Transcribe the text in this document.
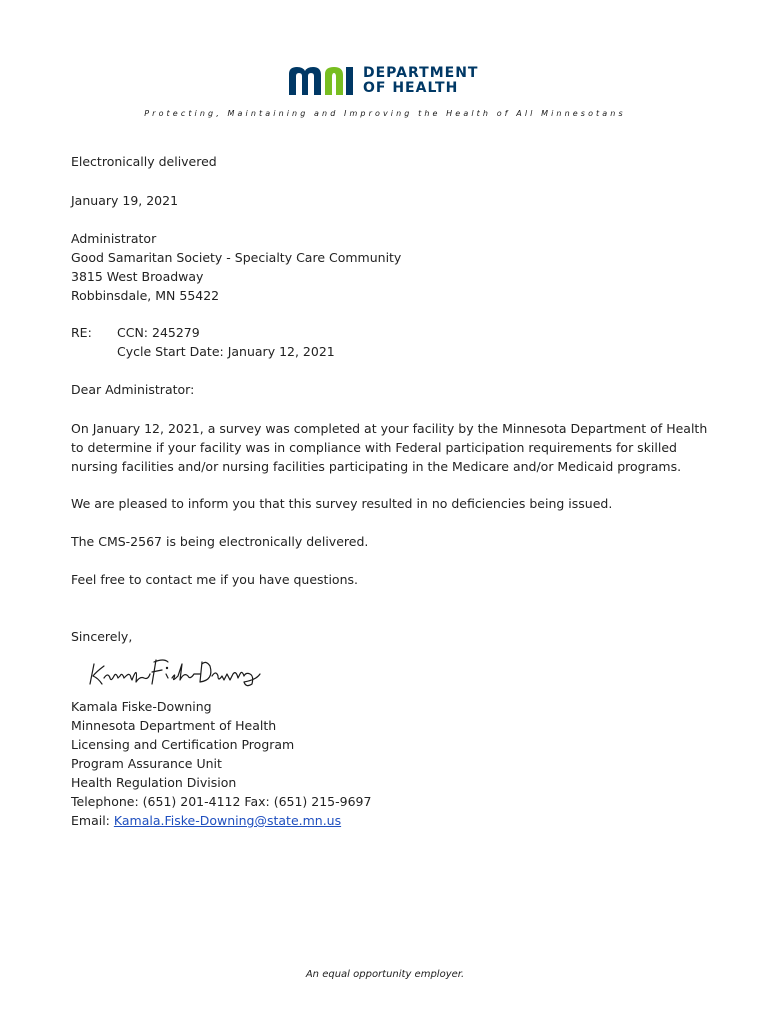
DEPARTMENT
OF HEALTH
Protecting, Maintaining and Improving the Health of All Minnesotans
Electronically delivered
January 19, 2021
Administrator
Good Samaritan Society - Specialty Care Community
3815 West Broadway
Robbinsdale, MN 55422
RE: CCN: 245279
Cycle Start Date: January 12, 2021
Dear Administrator:
On January 12, 2021, a survey was completed at your facility by the Minnesota Department of Health
to determine if your facility was in compliance with Federal participation requirements for skilled
nursing facilities and/or nursing facilities participating in the Medicare and/or Medicaid programs.
We are pleased to inform you that this survey resulted in no deficiencies being issued.
The CMS-2567 is being electronically delivered.
Feel free to contact me if you have questions.
Sincerely,
Kamala Fiske-Downing
Minnesota Department of Health
Licensing and Certification Program
Program Assurance Unit
Health Regulation Division
Telephone: (651) 201-4112 Fax: (651) 215-9697
Email: Kamala.Fiske-Downing@state.mn.us
An equal opportunity employer.
